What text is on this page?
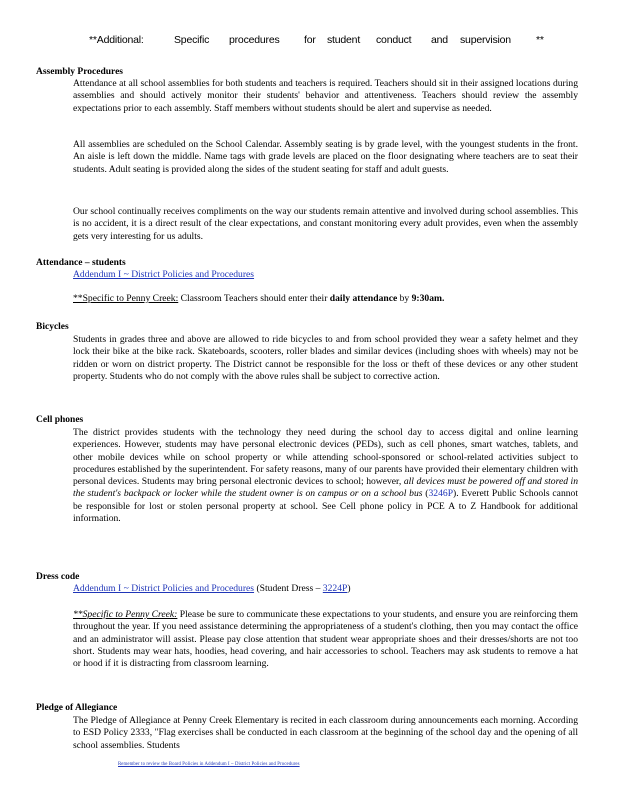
**Additional:	Specific procedures for student conduct and supervision **
Assembly Procedures

Attendance at all school assemblies for both students and teachers is required. Teachers should sit in their assigned locations during assemblies and should actively monitor their students' behavior and attentiveness. Teachers should review the assembly expectations prior to each assembly. Staff members without students should be alert and supervise as needed.

All assemblies are scheduled on the School Calendar. Assembly seating is by grade level, with the youngest students in the front. An aisle is left down the middle. Name tags with grade levels are placed on the floor designating where teachers are to seat their students. Adult seating is provided along the sides of the student seating for staff and adult guests.

Our school continually receives compliments on the way our students remain attentive and involved during school assemblies. This is no accident, it is a direct result of the clear expectations, and constant monitoring every adult provides, even when the assembly gets very interesting for us adults.

Attendance – students
Addendum I ~ District Policies and Procedures
**Specific to Penny Creek: Classroom Teachers should enter their daily attendance by 9:30am.
Bicycles

Students in grades three and above are allowed to ride bicycles to and from school provided they wear a safety helmet and they lock their bike at the bike rack. Skateboards, scooters, roller blades and similar devices (including shoes with wheels) may not be ridden or worn on district property. The District cannot be responsible for the loss or theft of these devices or any other student property. Students who do not comply with the above rules shall be subject to corrective action.

Cell phones

The district provides students with the technology they need during the school day to access digital and online learning experiences. However, students may have personal electronic devices (PEDs), such as cell phones, smart watches, tablets, and other mobile devices while on school property or while attending school-sponsored or school-related activities subject to procedures established by the superintendent. For safety reasons, many of our parents have provided their elementary children with personal devices. Students may bring personal electronic devices to school; however, all devices must be powered off and stored in the student's backpack or locker while the student owner is on campus or on a school bus (3246P). Everett Public Schools cannot be responsible for lost or stolen personal property at school. See Cell phone policy in PCE A to Z Handbook for additional information.

Dress code
Addendum I ~ District Policies and Procedures (Student Dress – 3224P)

**Specific to Penny Creek: Please be sure to communicate these expectations to your students, and ensure you are reinforcing them throughout the year. If you need assistance determining the appropriateness of a student's clothing, then you may contact the office and an administrator will assist. Please pay close attention that student wear appropriate shoes and their dresses/shorts are not too short. Students may wear hats, hoodies, head covering, and hair accessories to school. Teachers may ask students to remove a hat or hood if it is distracting from classroom learning.

Pledge of Allegiance

The Pledge of Allegiance at Penny Creek Elementary is recited in each classroom during announcements each morning. According to ESD Policy 2333, "Flag exercises shall be conducted in each classroom at the beginning of the school day and the opening of all school assemblies. Students

Remember to review the Board Policies in Addendum I ~ District Policies and Procedures
